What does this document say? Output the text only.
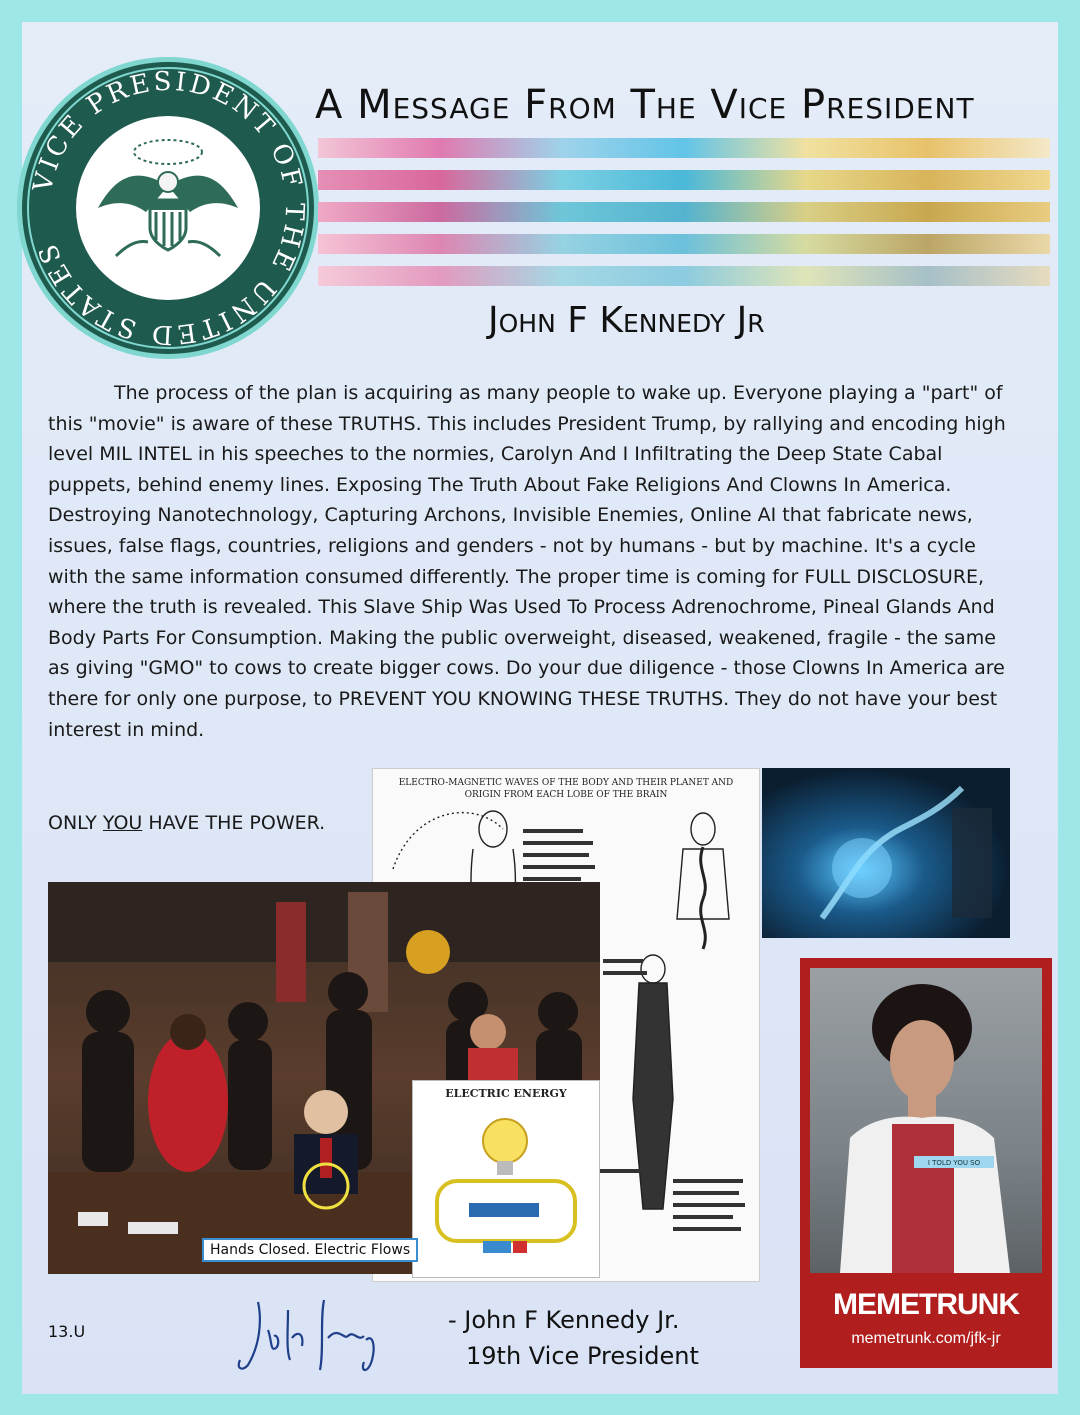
VICE PRESIDENT OF THE UNITED STATES
A Message From The Vice President
John F Kennedy Jr
The process of the plan is acquiring as many people to wake up. Everyone playing a "part" of this "movie" is aware of these TRUTHS. This includes President Trump, by rallying and encoding high level MIL INTEL in his speeches to the normies, Carolyn And I Infiltrating the Deep State Cabal puppets, behind enemy lines. Exposing The Truth About Fake Religions And Clowns In America. Destroying Nanotechnology, Capturing Archons, Invisible Enemies, Online AI that fabricate news, issues, false flags, countries, religions and genders - not by humans - but by machine. It's a cycle with the same information consumed differently. The proper time is coming for FULL DISCLOSURE, where the truth is revealed. This Slave Ship Was Used To Process Adrenochrome, Pineal Glands And Body Parts For Consumption. Making the public overweight, diseased, weakened, fragile - the same as giving "GMO" to cows to create bigger cows. Do your due diligence - those Clowns In America are there for only one purpose, to PREVENT YOU KNOWING THESE TRUTHS. They do not have your best interest in mind.
ONLY YOU HAVE THE POWER.
ELECTRO-MAGNETIC WAVES OF THE BODY AND THEIR PLANET AND ORIGIN FROM EACH LOBE OF THE BRAIN
ELECTRIC ENERGY
Hands Closed. Electric Flows
I TOLD YOU SO
MEMETRUNK
memetrunk.com/jfk-jr
13.U	- John F Kennedy Jr.
19th Vice President
